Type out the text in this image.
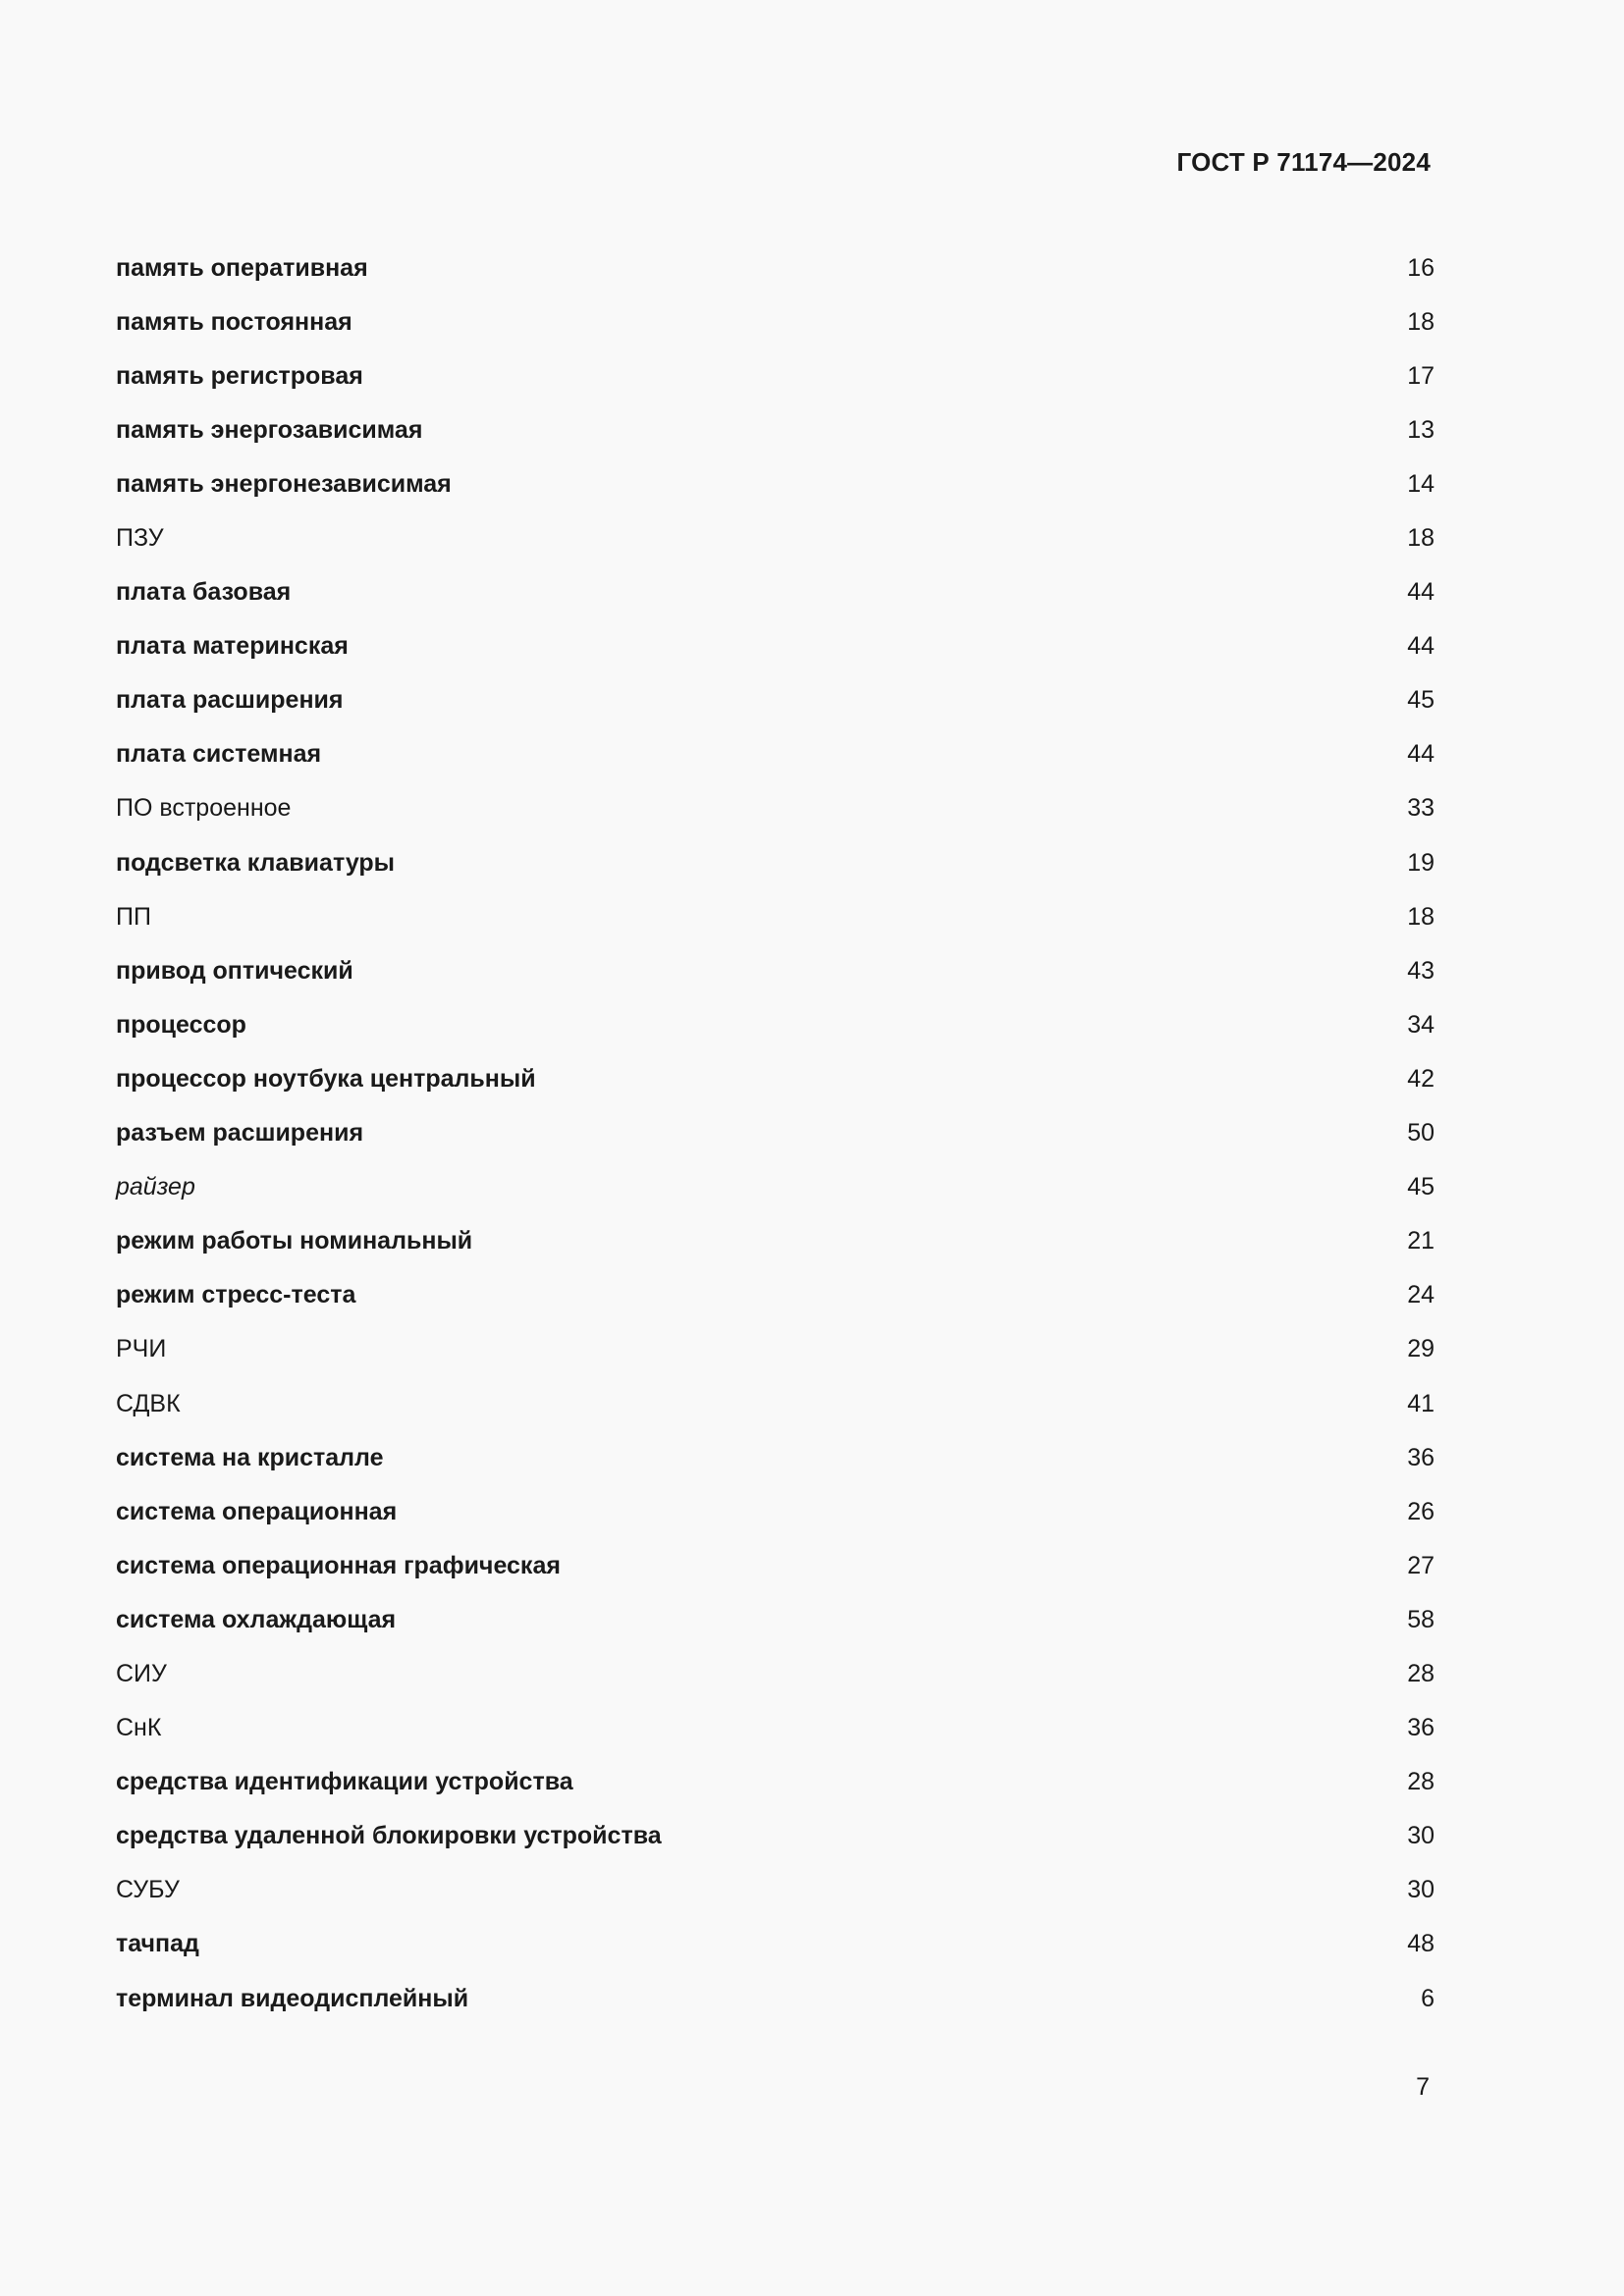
ГОСТ Р 71174—2024
память оперативная	16
память постоянная	18
память регистровая	17
память энергозависимая	13
память энергонезависимая	14
ПЗУ	18
плата базовая	44
плата материнская	44
плата расширения	45
плата системная	44
ПО встроенное	33
подсветка клавиатуры	19
ПП	18
привод оптический	43
процессор	34
процессор ноутбука центральный	42
разъем расширения	50
райзер	45
режим работы номинальный	21
режим стресс-теста	24
РЧИ	29
СДВК	41
система на кристалле	36
система операционная	26
система операционная графическая	27
система охлаждающая	58
СИУ	28
СнК	36
средства идентификации устройства	28
средства удаленной блокировки устройства	30
СУБУ	30
тачпад	48
терминал видеодисплейный	6
7
